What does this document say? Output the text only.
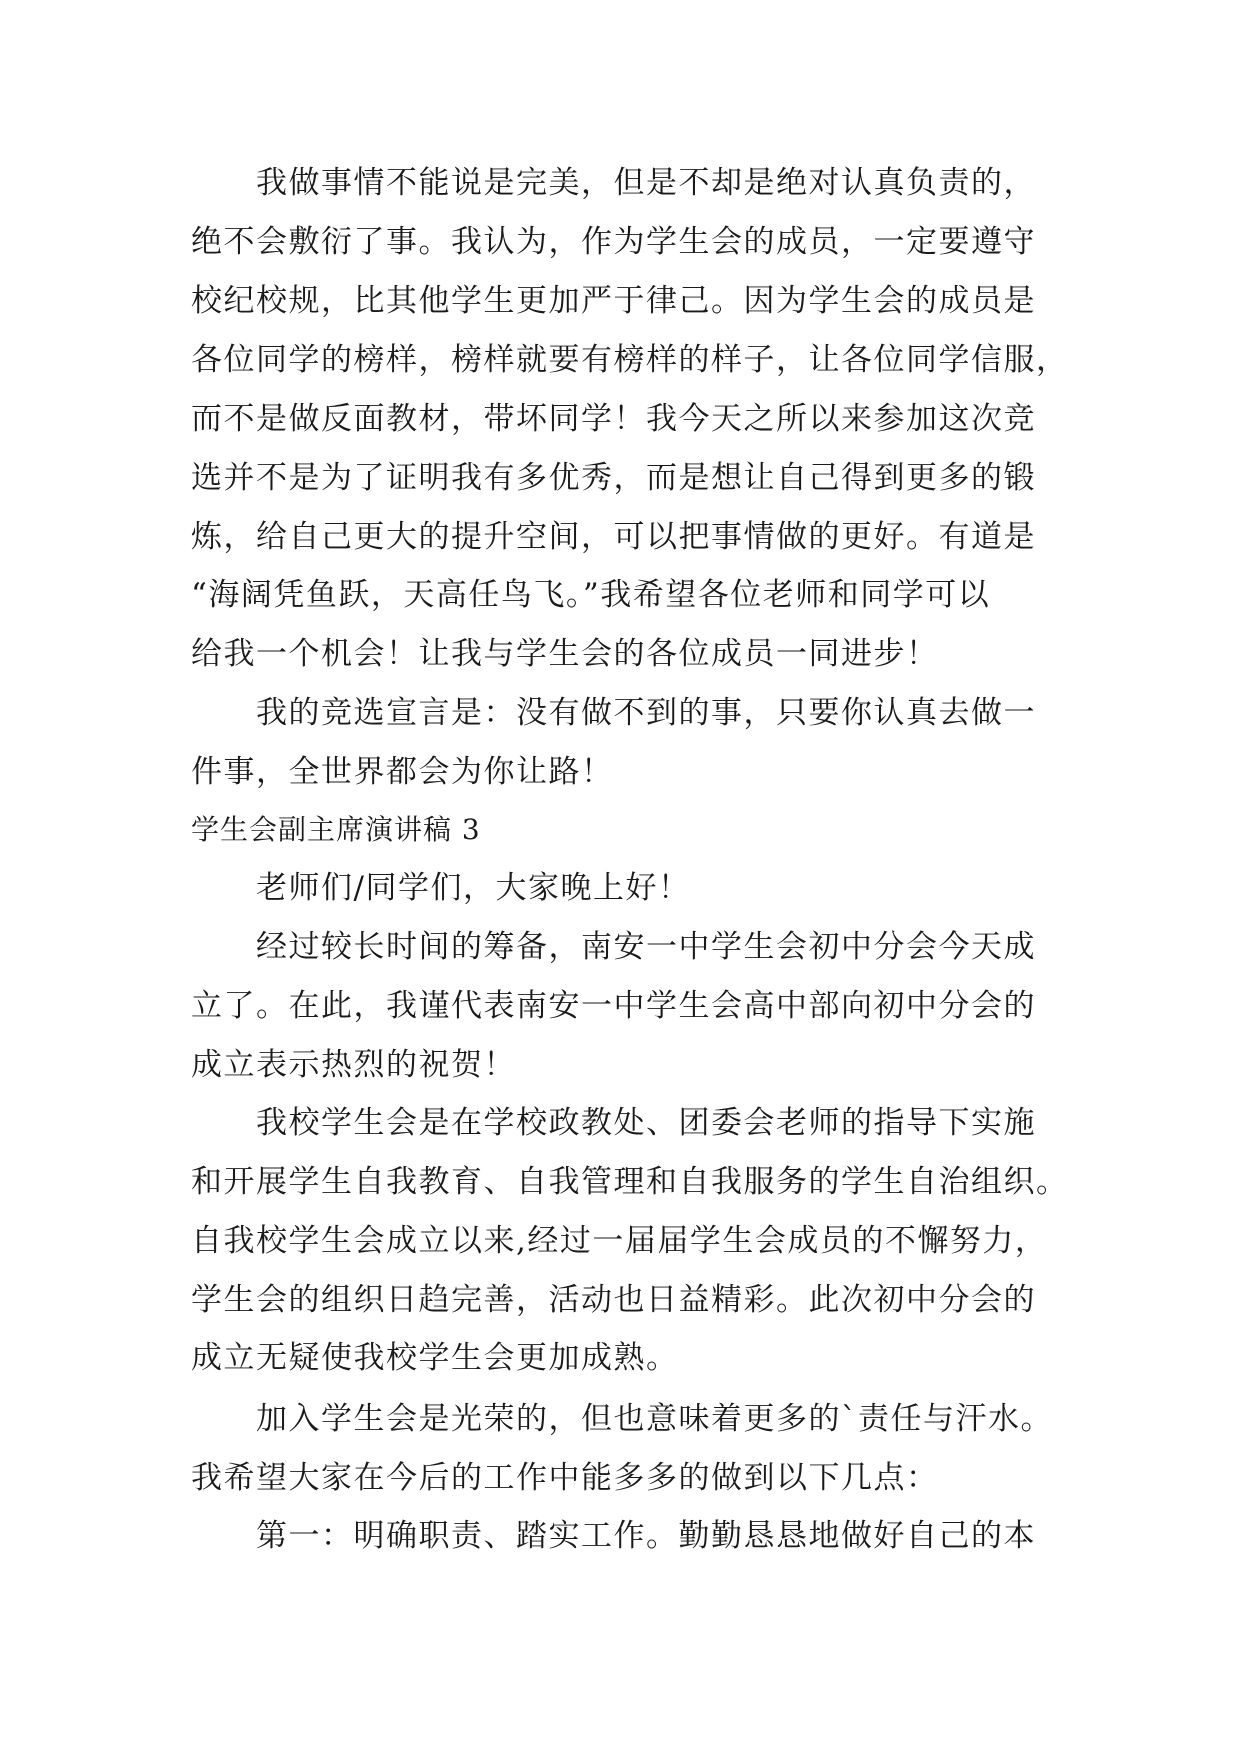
我做事情不能说是完美，但是不却是绝对认真负责的，
绝不会敷衍了事。我认为，作为学生会的成员，一定要遵守
校纪校规，比其他学生更加严于律己。因为学生会的成员是
各位同学的榜样，榜样就要有榜样的样子，让各位同学信服，
而不是做反面教材，带坏同学！我今天之所以来参加这次竞
选并不是为了证明我有多优秀，而是想让自己得到更多的锻
炼，给自己更大的提升空间，可以把事情做的更好。有道是
“海阔凭鱼跃，天高任鸟飞。”我希望各位老师和同学可以
给我一个机会！让我与学生会的各位成员一同进步！
我的竞选宣言是：没有做不到的事，只要你认真去做一
件事，全世界都会为你让路！
学生会副主席演讲稿 3
老师们/同学们，大家晚上好！
经过较长时间的筹备，南安一中学生会初中分会今天成
立了。在此，我谨代表南安一中学生会高中部向初中分会的
成立表示热烈的祝贺！
我校学生会是在学校政教处、团委会老师的指导下实施
和开展学生自我教育、自我管理和自我服务的学生自治组织。
自我校学生会成立以来,经过一届届学生会成员的不懈努力，
学生会的组织日趋完善，活动也日益精彩。此次初中分会的
成立无疑使我校学生会更加成熟。
加入学生会是光荣的，但也意味着更多的`责任与汗水。
我希望大家在今后的工作中能多多的做到以下几点：
第一：明确职责、踏实工作。勤勤恳恳地做好自己的本
